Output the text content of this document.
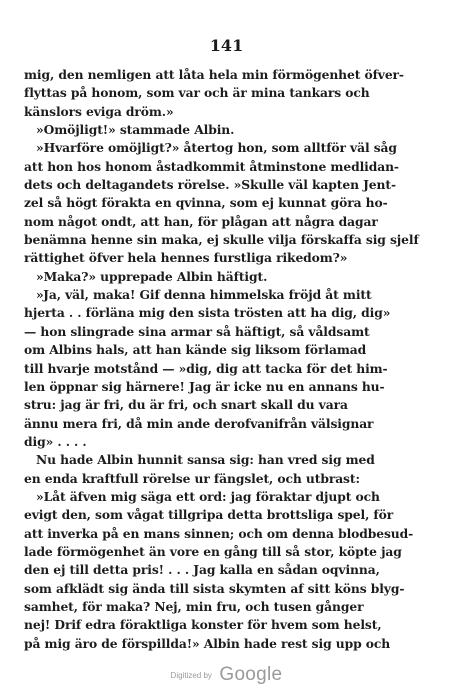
141
mig, den nemligen att låta hela min förmögenhet öfver-
flyttas på honom, som var och är mina tankars och
känslors eviga dröm.»
»Omöjligt!» stammade Albin.
»Hvarföre omöjligt?» återtog hon, som alltför väl såg
att hon hos honom åstadkommit åtminstone medlidan-
dets och deltagandets rörelse. »Skulle väl kapten Jent-
zel så högt förakta en qvinna, som ej kunnat göra ho-
nom något ondt, att han, för plågan att några dagar
benämna henne sin maka, ej skulle vilja förskaffa sig sjelf
rättighet öfver hela hennes furstliga rikedom?»
»Maka?» upprepade Albin häftigt.
»Ja, väl, maka! Gif denna himmelska fröjd åt mitt
hjerta . . förläna mig den sista trösten att ha dig, dig»
— hon slingrade sina armar så häftigt, så våldsamt
om Albins hals, att han kände sig liksom förlamad
till hvarje motstånd — »dig, dig att tacka för det him-
len öppnar sig härnere! Jag är icke nu en annans hu-
stru: jag är fri, du är fri, och snart skall du vara
ännu mera fri, då min ande derofvanifrån välsignar
dig» . . . .
Nu hade Albin hunnit sansa sig: han vred sig med
en enda kraftfull rörelse ur fängslet, och utbrast:
»Låt äfven mig säga ett ord: jag föraktar djupt och
evigt den, som vågat tillgripa detta brottsliga spel, för
att inverka på en mans sinnen; och om denna blodbesud-
lade förmögenhet än vore en gång till så stor, köpte jag
den ej till detta pris! . . . Jag kalla en sådan oqvinna,
som afklädt sig ända till sista skymten af sitt köns blyg-
samhet, för maka? Nej, min fru, och tusen gånger
nej! Drif edra föraktliga konster för hvem som helst,
på mig äro de förspillda!» Albin hade rest sig upp och
Digitized by Google
